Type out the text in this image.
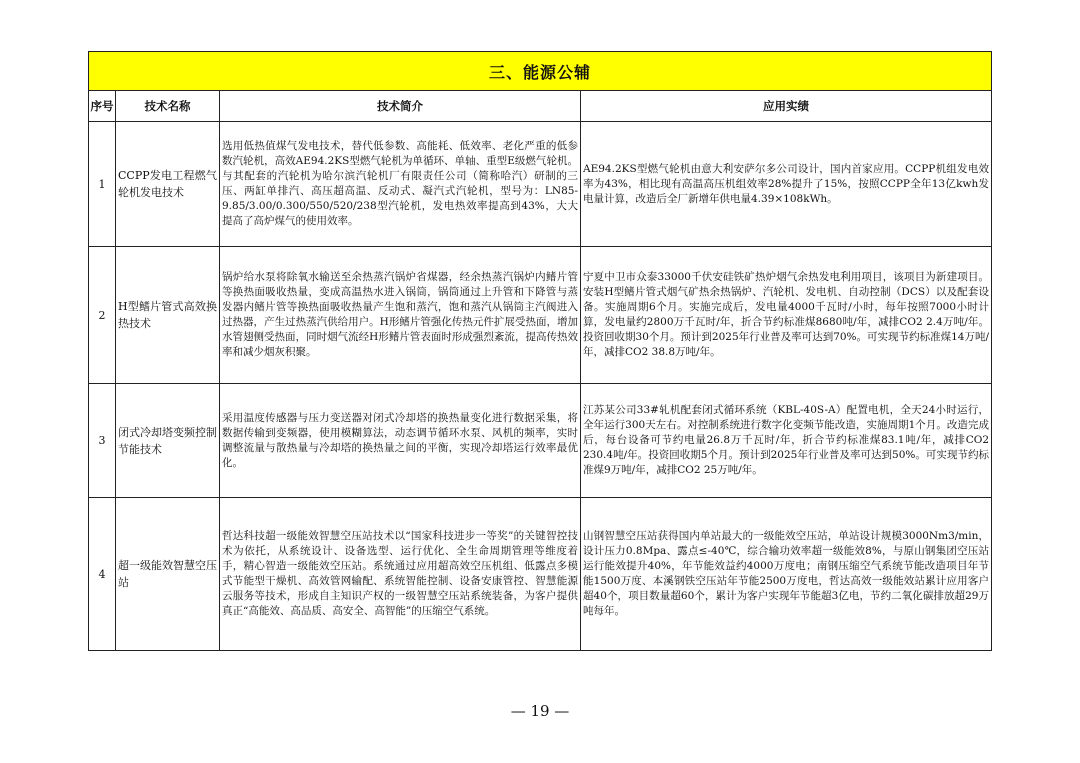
三、能源公辅			
序号	技术名称	技术简介	应用实绩
1	CCPP发电工程燃气轮机发电技术	选用低热值煤气发电技术，替代低参数、高能耗、低效率、老化严重的低参数汽轮机，高效AE94.2KS型燃气轮机为单循环、单轴、重型E级燃气轮机。与其配套的汽轮机为哈尔滨汽轮机厂有限责任公司（简称哈汽）研制的三压、两缸单排汽、高压超高温、反动式、凝汽式汽轮机，型号为：LN85-9.85/3.00/0.300/550/520/238型汽轮机，发电热效率提高到43%，大大提高了高炉煤气的使用效率。	AE94.2KS型燃气轮机由意大利安萨尔多公司设计，国内首家应用。CCPP机组发电效率为43%，相比现有高温高压机组效率28%提升了15%，按照CCPP全年13亿kwh发电量计算，改造后全厂新增年供电量4.39×108kWh。
2	H型鳍片管式高效换热技术	锅炉给水泵将除氧水输送至余热蒸汽锅炉省煤器，经余热蒸汽锅炉内鳍片管等换热面吸收热量，变成高温热水进入锅筒，锅筒通过上升管和下降管与蒸发器内鳍片管等换热面吸收热量产生饱和蒸汽，饱和蒸汽从锅筒主汽阀进入过热器，产生过热蒸汽供给用户。H形鳍片管强化传热元件扩展受热面，增加水管翅侧受热面，同时烟气流经H形鳍片管表面时形成强烈紊流，提高传热效率和减少烟灰积聚。	宁夏中卫市众泰33000千伏安硅铁矿热炉烟气余热发电利用项目，该项目为新建项目。安装H型鳍片管式烟气矿热余热锅炉、汽轮机、发电机、自动控制（DCS）以及配套设备。实施周期6个月。实施完成后，发电量4000千瓦时/小时，每年按照7000小时计算，发电量约2800万千瓦时/年，折合节约标准煤8680吨/年，减排CO2 2.4万吨/年。投资回收期30个月。预计到2025年行业普及率可达到70%。可实现节约标准煤14万吨/年，减排CO2 38.8万吨/年。
3	闭式冷却塔变频控制节能技术	采用温度传感器与压力变送器对闭式冷却塔的换热量变化进行数据采集，将数据传输到变频器，使用模糊算法，动态调节循环水泵、风机的频率，实时调整流量与散热量与冷却塔的换热量之间的平衡，实现冷却塔运行效率最优化。	江苏某公司33#轧机配套闭式循环系统（KBL-40S-A）配置电机，全天24小时运行，全年运行300天左右。对控制系统进行数字化变频节能改造，实施周期1个月。改造完成后，每台设备可节约电量26.8万千瓦时/年，折合节约标准煤83.1吨/年，减排CO2 230.4吨/年。投资回收期5个月。预计到2025年行业普及率可达到50%。可实现节约标准煤9万吨/年，减排CO2 25万吨/年。
4	超一级能效智慧空压站	哲达科技超一级能效智慧空压站技术以“国家科技进步一等奖”的关键智控技术为依托，从系统设计、设备选型、运行优化、全生命周期管理等维度着手，精心智造一级能效空压站。系统通过应用超高效空压机组、低露点多模式节能型干燥机、高效管网输配、系统智能控制、设备安康管控、智慧能源云服务等技术，形成自主知识产权的一级智慧空压站系统装备，为客户提供真正“高能效、高品质、高安全、高智能”的压缩空气系统。	山钢智慧空压站获得国内单站最大的一级能效空压站，单站设计规模3000Nm3/min，设计压力0.8Mpa、露点≤-40℃，综合输功效率超一级能效8%，与原山钢集团空压站运行能效提升40%，年节能效益约4000万度电；南钢压缩空气系统节能改造项目年节能1500万度、本溪钢铁空压站年节能2500万度电，哲达高效一级能效站累计应用客户超40个，项目数量超60个，累计为客户实现年节能超3亿电，节约二氧化碳排放超29万吨每年。
— 19 —
